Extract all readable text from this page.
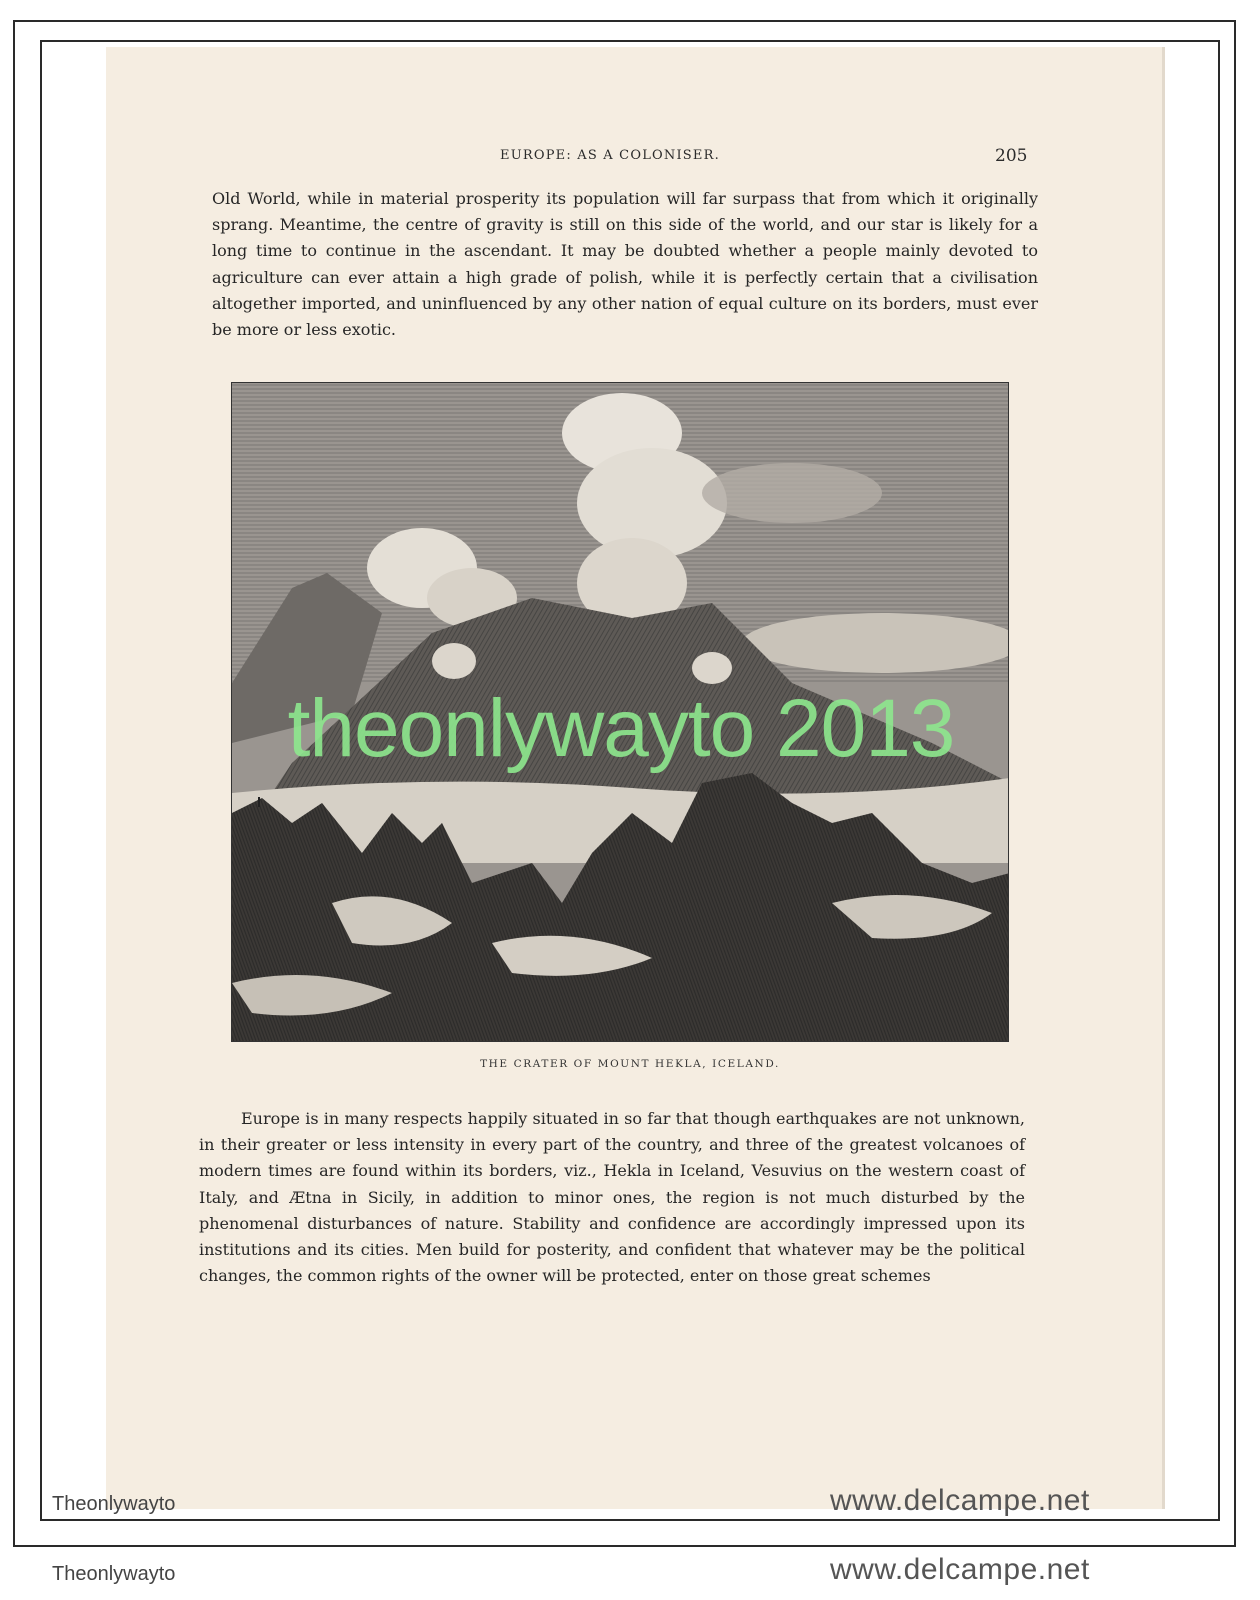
EUROPE: AS A COLONISER.	205

Old World, while in material prosperity its population will far surpass that from which it originally sprang. Meantime, the centre of gravity is still on this side of the world, and our star is likely for a long time to continue in the ascendant. It may be doubted whether a people mainly devoted to agriculture can ever attain a high grade of polish, while it is perfectly certain that a civilisation altogether imported, and uninfluenced by any other nation of equal culture on its borders, must ever be more or less exotic.

THE CRATER OF MOUNT HEKLA, ICELAND.
theonlywayto 2013

Europe is in many respects happily situated in so far that though earthquakes are not unknown, in their greater or less intensity in every part of the country, and three of the greatest volcanoes of modern times are found within its borders, viz., Hekla in Iceland, Vesuvius on the western coast of Italy, and Ætna in Sicily, in addition to minor ones, the region is not much disturbed by the phenomenal disturbances of nature. Stability and confidence are accordingly impressed upon its institutions and its cities. Men build for posterity, and confident that whatever may be the political changes, the common rights of the owner will be protected, enter on those great schemes

Theonlywayto	www.delcampe.net
Theonlywayto	www.delcampe.net
